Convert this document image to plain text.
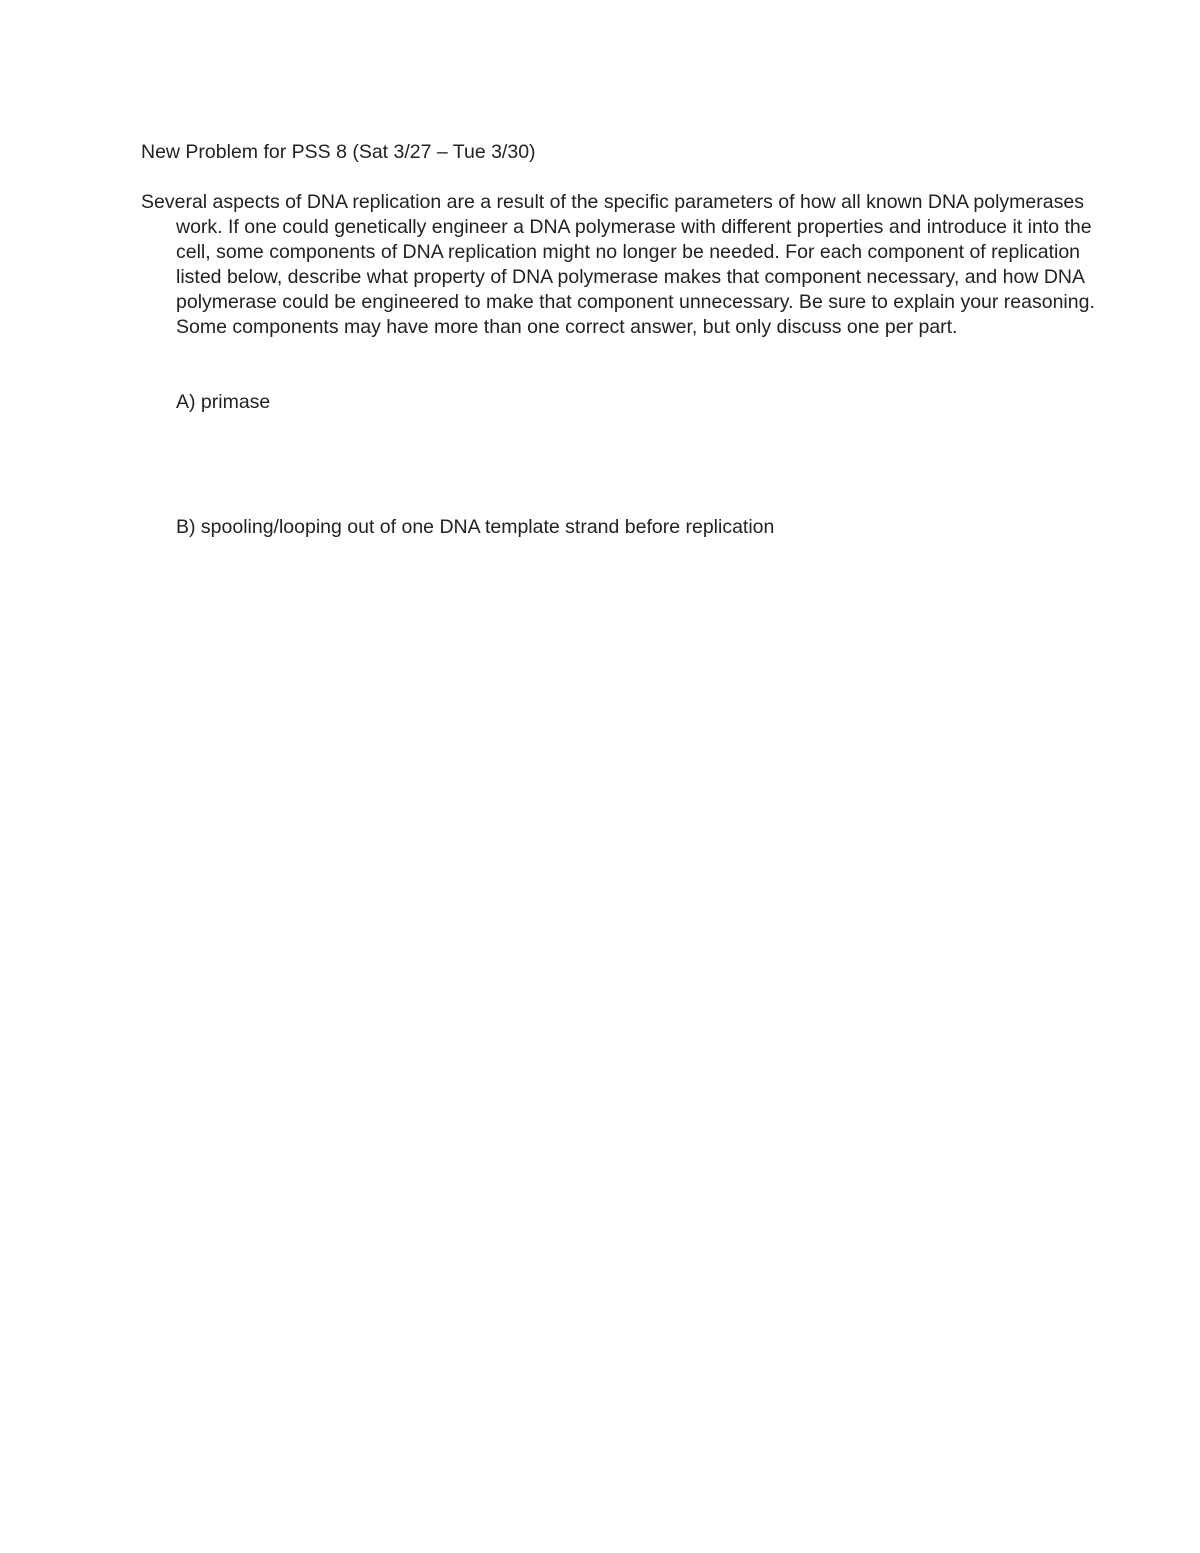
New Problem for PSS 8 (Sat 3/27 – Tue 3/30)

Several aspects of DNA replication are a result of the specific parameters of how all known DNA polymerases work. If one could genetically engineer a DNA polymerase with different properties and introduce it into the cell, some components of DNA replication might no longer be needed. For each component of replication listed below, describe what property of DNA polymerase makes that component necessary, and how DNA polymerase could be engineered to make that component unnecessary. Be sure to explain your reasoning. Some components may have more than one correct answer, but only discuss one per part.

A) primase

B) spooling/looping out of one DNA template strand before replication
